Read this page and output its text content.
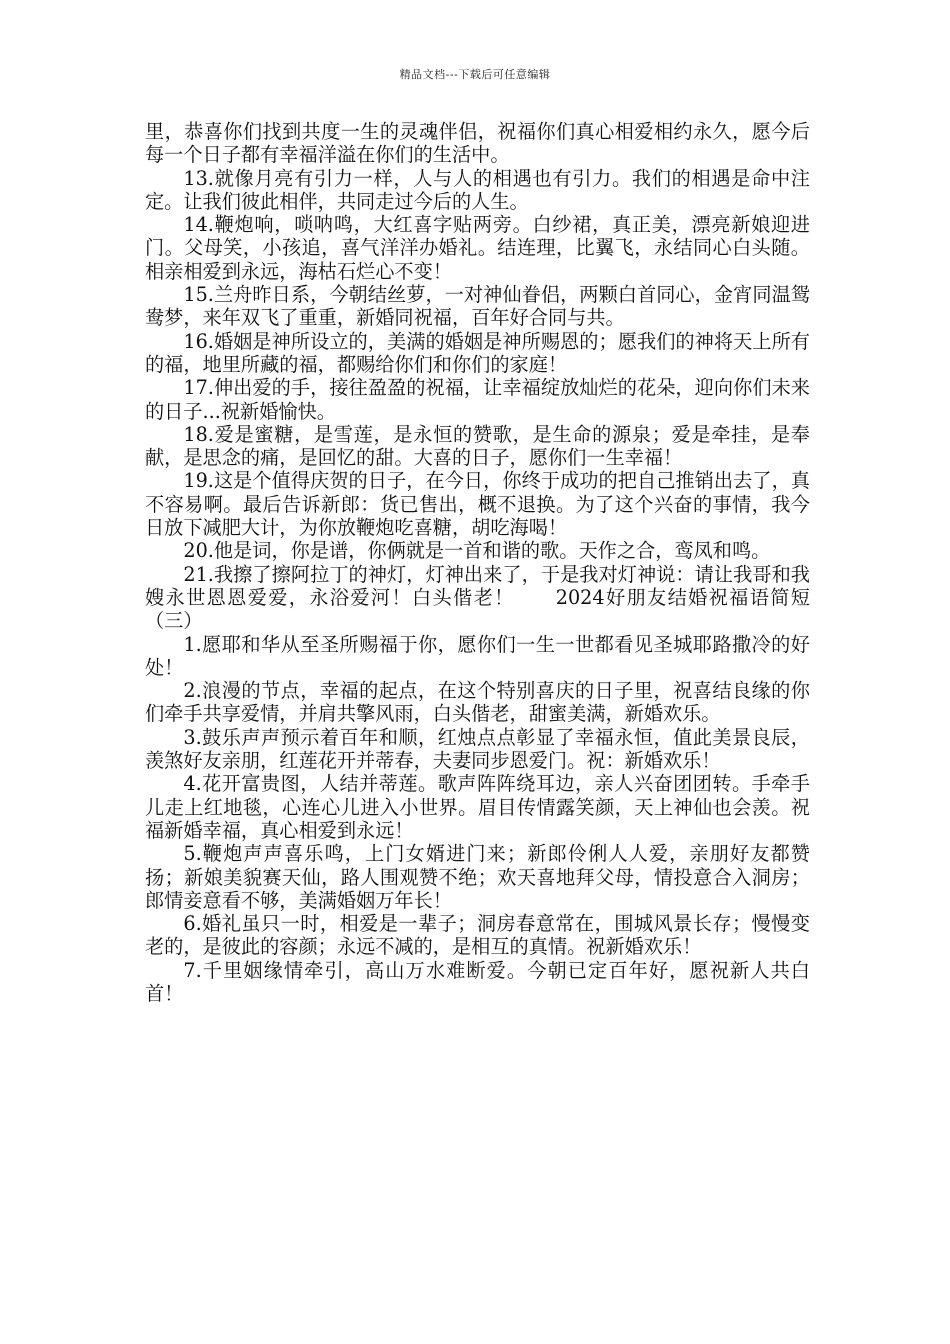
精品文档---下载后可任意编辑

里，恭喜你们找到共度一生的灵魂伴侣，祝福你们真心相爱相约永久，愿今后每一个日子都有幸福洋溢在你们的生活中。

13.就像月亮有引力一样，人与人的相遇也有引力。我们的相遇是命中注定。让我们彼此相伴，共同走过今后的人生。

14.鞭炮响，唢呐鸣，大红喜字贴两旁。白纱裙，真正美，漂亮新娘迎进门。父母笑，小孩追，喜气洋洋办婚礼。结连理，比翼飞，永结同心白头随。相亲相爱到永远，海枯石烂心不变！

15.兰舟昨日系，今朝结丝萝，一对神仙眷侣，两颗白首同心，金宵同温鸳鸯梦，来年双飞了重重，新婚同祝福，百年好合同与共。

16.婚姻是神所设立的，美满的婚姻是神所赐恩的；愿我们的神将天上所有的福，地里所藏的福，都赐给你们和你们的家庭！

17.伸出爱的手，接往盈盈的祝福，让幸福绽放灿烂的花朵，迎向你们未来的日子...祝新婚愉快。

18.爱是蜜糖，是雪莲，是永恒的赞歌，是生命的源泉；爱是牵挂，是奉献，是思念的痛，是回忆的甜。大喜的日子，愿你们一生幸福！

19.这是个值得庆贺的日子，在今日，你终于成功的把自己推销出去了，真不容易啊。最后告诉新郎：货已售出，概不退换。为了这个兴奋的事情，我今日放下减肥大计，为你放鞭炮吃喜糖，胡吃海喝！

20.他是词，你是谱，你俩就是一首和谐的歌。天作之合，鸾凤和鸣。

21.我擦了擦阿拉丁的神灯，灯神出来了，于是我对灯神说：请让我哥和我嫂永世恩恩爱爱，永浴爱河！白头偕老！　　2024好朋友结婚祝福语简短（三）

1.愿耶和华从至圣所赐福于你，愿你们一生一世都看见圣城耶路撒冷的好处！

2.浪漫的节点，幸福的起点，在这个特别喜庆的日子里，祝喜结良缘的你们牵手共享爱情，并肩共擎风雨，白头偕老，甜蜜美满，新婚欢乐。

3.鼓乐声声预示着百年和顺，红烛点点彰显了幸福永恒，值此美景良辰，羡煞好友亲朋，红莲花开并蒂春，夫妻同步恩爱门。祝：新婚欢乐！

4.花开富贵图，人结并蒂莲。歌声阵阵绕耳边，亲人兴奋团团转。手牵手儿走上红地毯，心连心儿进入小世界。眉目传情露笑颜，天上神仙也会羡。祝福新婚幸福，真心相爱到永远！

5.鞭炮声声喜乐鸣，上门女婿进门来；新郎伶俐人人爱，亲朋好友都赞扬；新娘美貌赛天仙，路人围观赞不绝；欢天喜地拜父母，情投意合入洞房；郎情妾意看不够，美满婚姻万年长！

6.婚礼虽只一时，相爱是一辈子；洞房春意常在，围城风景长存；慢慢变老的，是彼此的容颜；永远不减的，是相互的真情。祝新婚欢乐！

7.千里姻缘情牵引，高山万水难断爱。今朝已定百年好，愿祝新人共白首！
